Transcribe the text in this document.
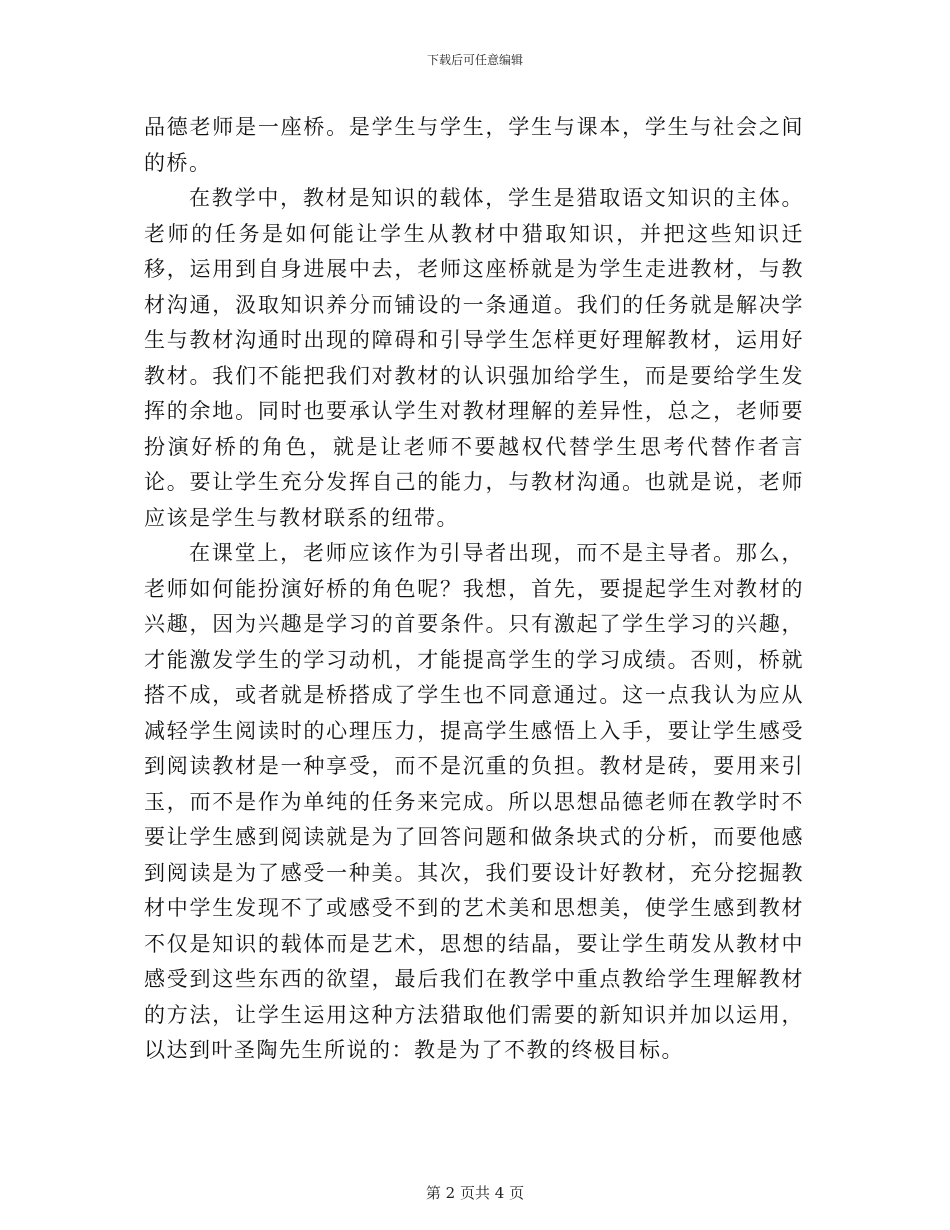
下载后可任意编辑

品德老师是一座桥。是学生与学生，学生与课本，学生与社会之间的桥。

在教学中，教材是知识的载体，学生是猎取语文知识的主体。老师的任务是如何能让学生从教材中猎取知识，并把这些知识迁移，运用到自身进展中去，老师这座桥就是为学生走进教材，与教材沟通，汲取知识养分而铺设的一条通道。我们的任务就是解决学生与教材沟通时出现的障碍和引导学生怎样更好理解教材，运用好教材。我们不能把我们对教材的认识强加给学生，而是要给学生发挥的余地。同时也要承认学生对教材理解的差异性，总之，老师要扮演好桥的角色，就是让老师不要越权代替学生思考代替作者言论。要让学生充分发挥自己的能力，与教材沟通。也就是说，老师应该是学生与教材联系的纽带。

在课堂上，老师应该作为引导者出现，而不是主导者。那么，老师如何能扮演好桥的角色呢？我想，首先，要提起学生对教材的兴趣，因为兴趣是学习的首要条件。只有激起了学生学习的兴趣，才能激发学生的学习动机，才能提高学生的学习成绩。否则，桥就搭不成，或者就是桥搭成了学生也不同意通过。这一点我认为应从减轻学生阅读时的心理压力，提高学生感悟上入手，要让学生感受到阅读教材是一种享受，而不是沉重的负担。教材是砖，要用来引玉，而不是作为单纯的任务来完成。所以思想品德老师在教学时不要让学生感到阅读就是为了回答问题和做条块式的分析，而要他感到阅读是为了感受一种美。其次，我们要设计好教材，充分挖掘教材中学生发现不了或感受不到的艺术美和思想美，使学生感到教材不仅是知识的载体而是艺术，思想的结晶，要让学生萌发从教材中感受到这些东西的欲望，最后我们在教学中重点教给学生理解教材的方法，让学生运用这种方法猎取他们需要的新知识并加以运用，以达到叶圣陶先生所说的：教是为了不教的终极目标。

第 2 页共 4 页
